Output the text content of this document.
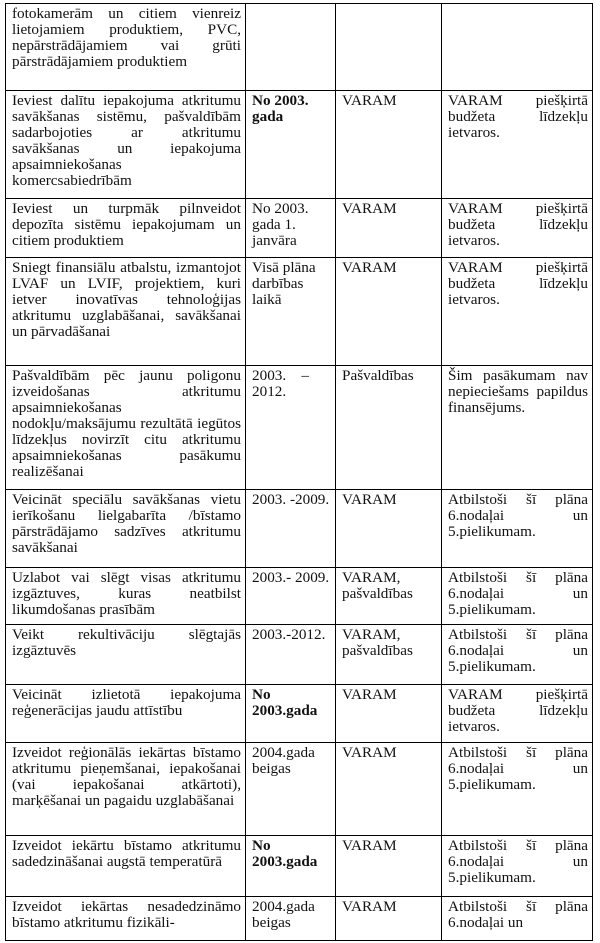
fotokamerām un citiem vienreiz lietojamiem produktiem, PVC, nepārstrādājamiem vai grūti pārstrādājamiem produktiem			
Ieviest dalītu iepakojuma atkritumu savākšanas sistēmu, pašvaldībām sadarbojoties ar atkritumu savākšanas un iepakojuma apsaimniekošanas komercsabiedrībām	No 2003. gada	VARAM	VARAM piešķirtā budžeta līdzekļu ietvaros.
Ieviest un turpmāk pilnveidot depozīta sistēmu iepakojumam un citiem produktiem	No 2003. gada 1. janvāra	VARAM	VARAM piešķirtā budžeta līdzekļu ietvaros.
Sniegt finansiālu atbalstu, izmantojot LVAF un LVIF, projektiem, kuri ietver inovatīvas tehnoloģijas atkritumu uzglabāšanai, savākšanai un pārvadāšanai	Visā plāna darbības laikā	VARAM	VARAM piešķirtā budžeta līdzekļu ietvaros.
Pašvaldībām pēc jaunu poligonu izveidošanas atkritumu apsaimniekošanas nodokļu/maksājumu rezultātā iegūtos līdzekļus novirzīt citu atkritumu apsaimniekošanas pasākumu realizēšanai	2003.    –  2012.	Pašvaldības	Šim pasākumam nav nepieciešams papildus finansējums.
Veicināt speciālu savākšanas vietu ierīkošanu lielgabarīta /bīstamo pārstrādājamo sadzīves atkritumu savākšanai	2003. -2009.	VARAM	Atbilstoši šī plāna 6.nodaļai un 5.pielikumam.
Uzlabot vai slēgt visas atkritumu izgāztuves, kuras neatbilst likumdošanas prasībām	2003.- 2009.	VARAM, pašvaldības	Atbilstoši šī plāna 6.nodaļai un 5.pielikumam.
Veikt rekultivāciju slēgtajās izgāztuvēs	2003.-2012.	VARAM, pašvaldības	Atbilstoši šī plāna 6.nodaļai un 5.pielikumam.
Veicināt izlietotā iepakojuma reģenerācijas jaudu attīstību	No 2003.gada	VARAM	VARAM piešķirtā budžeta līdzekļu ietvaros.
Izveidot reģionālās iekārtas bīstamo atkritumu pieņemšanai, iepakošanai (vai iepakošanai atkārtoti), marķēšanai un pagaidu uzglabāšanai	2004.gada beigas	VARAM	Atbilstoši šī plāna 6.nodaļai un 5.pielikumam.
Izveidot iekārtu bīstamo atkritumu sadedzināšanai augstā temperatūrā	No 2003.gada	VARAM	Atbilstoši šī plāna 6.nodaļai un 5.pielikumam.
Izveidot iekārtas nesadedzināmo bīstamo atkritumu fizikāli-	2004.gada beigas	VARAM	Atbilstoši šī plāna 6.nodaļai un
